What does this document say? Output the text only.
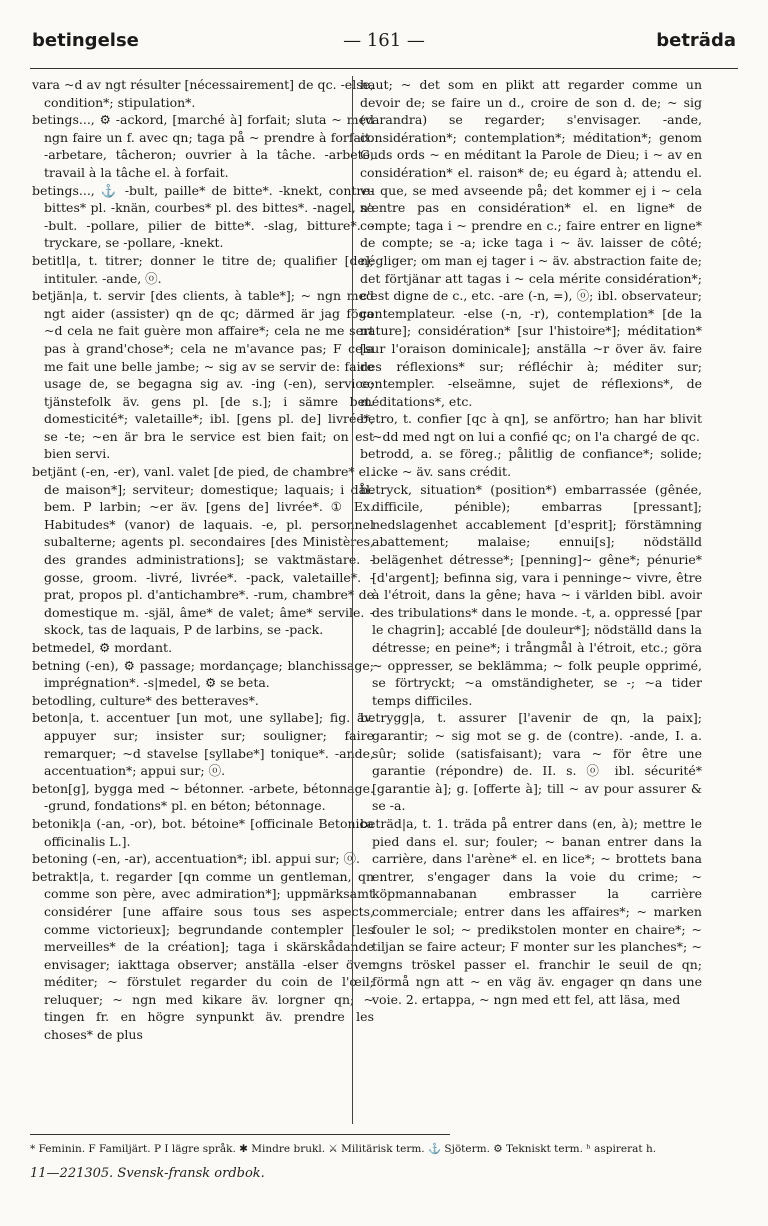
betingelse	— 161 —	beträda

vara ~d av ngt résulter [nécessairement] de qc. -else, condition*; stipulation*.

betings..., ⚙ -ackord, [marché à] forfait; sluta ~ med ngn faire un f. avec qn; taga på ~ prendre à forfait. -arbetare, tâcheron; ouvrier à la tâche. -arbete, travail à la tâche el. à forfait.

betings..., ⚓ -bult, paille* de bitte*. -knekt, contre-bittes* pl. -knän, courbes* pl. des bittes*. -nagel, se -bult. -pollare, pilier de bitte*. -slag, bitture*. -tryckare, se -pollare, -knekt.

betitl|a, t. titrer; donner le titre de; qualifier [de]; intituler. -ande, ⓞ.

betjän|a, t. servir [des clients, à table*]; ~ ngn med ngt aider (assister) qn de qc; därmed är jag föga ~d cela ne fait guère mon affaire*; cela ne me sert pas à grand'chose*; cela ne m'avance pas; F cela me fait une belle jambe; ~ sig av se servir de: faire usage de, se begagna sig av. -ing (-en), service; tjänstefolk äv. gens pl. [de s.]; i sämre bet. domesticité*; valetaille*; ibl. [gens pl. de] livrée*, se -te; ~en är bra le service est bien fait; on est bien servi.

betjänt (-en, -er), vanl. valet [de pied, de chambre* el. de maison*]; serviteur; domestique; laquais; i dål. bem. P larbin; ~er äv. [gens de] livrée*. ① Ex. Habitudes* (vanor) de laquais. -e, pl. personnel subalterne; agents pl. secondaires [des Ministères, des grandes administrations]; se vaktmästare. -gosse, groom. -livré, livrée*. -pack, valetaille*. -prat, propos pl. d'antichambre*. -rum, chambre* de domestique m. -själ, âme* de valet; âme* servile. -skock, tas de laquais, P de larbins, se -pack.

betmedel, ⚙ mordant.

betning (-en), ⚙ passage; mordançage; blanchissage; imprégnation*. -s|medel, ⚙ se beta.

betodling, culture* des betteraves*.

beton|a, t. accentuer [un mot, une syllabe]; fig. äv. appuyer sur; insister sur; souligner; faire remarquer; ~d stavelse [syllabe*] tonique*. -ande, accentuation*; appui sur; ⓞ.

beton[g], bygga med ~ bétonner. -arbete, bétonnage. -grund, fondations* pl. en béton; bétonnage.

betonik|a (-an, -or), bot. bétoine* [officinale Betonica officinalis L.].

betoning (-en, -ar), accentuation*; ibl. appui sur; ⓞ.

betrakt|a, t. regarder [qn comme un gentleman, qn comme son père, avec admiration*]; uppmärksamt considérer [une affaire sous tous ses aspects, comme victorieux]; begrundande contempler [les merveilles* de la création]; taga i skärskådande envisager; iakttaga observer; anställa -elser över méditer; ~ förstulet regarder du coin de l'œil; reluquer; ~ ngn med kikare äv. lorgner qn; ~ tingen fr. en högre synpunkt äv. prendre les choses* de plus

haut; ~ det som en plikt att regarder comme un devoir de; se faire un d., croire de son d. de; ~ sig (varandra) se regarder; s'envisager. -ande, considération*; contemplation*; méditation*; genom Guds ords ~ en méditant la Parole de Dieu; i ~ av en considération* el. raison* de; eu égard à; attendu el. vu que, se med avseende på; det kommer ej i ~ cela n'entre pas en considération* el. en ligne* de compte; taga i ~ prendre en c.; faire entrer en ligne* de compte; se -a; icke taga i ~ äv. laisser de côté; négliger; om man ej tager i ~ äv. abstraction faite de; det förtjänar att tagas i ~ cela mérite considération*; c'est digne de c., etc. -are (-n, =), ⓞ; ibl. observateur; contemplateur. -else (-n, -r), contemplation* [de la nature]; considération* [sur l'histoire*]; méditation* [sur l'oraison dominicale]; anställa ~r över äv. faire des réflexions* sur; réfléchir à; méditer sur; contempler. -elseämne, sujet de réflexions*, de méditations*, etc.

betro, t. confier [qc à qn], se anförtro; han har blivit ~dd med ngt on lui a confié qc; on l'a chargé de qc.

betrodd, a. se föreg.; pålitlig de confiance*; solide; icke ~ äv. sans crédit.

betryck, situation* (position*) embarrassée (gênée, difficile, pénible); embarras [pressant]; nedslagenhet accablement [d'esprit]; förstämning abattement; malaise; ennui[s]; nödställd belägenhet détresse*; [penning]~ gêne*; pénurie* [d'argent]; befinna sig, vara i penninge~ vivre, être à l'étroit, dans la gêne; hava ~ i världen bibl. avoir des tribulations* dans le monde. -t, a. oppressé [par le chagrin]; accablé [de douleur*]; nödställd dans la détresse; en peine*; i trångmål à l'étroit, etc.; göra ~ oppresser, se beklämma; ~ folk peuple opprimé, se förtryckt; ~a omständigheter, se -; ~a tider temps difficiles.

betrygg|a, t. assurer [l'avenir de qn, la paix]; garantir; ~ sig mot se g. de (contre). -ande, I. a. sûr; solide (satisfaisant); vara ~ för être une garantie (répondre) de. II. s. ⓞ ibl. sécurité* [garantie à]; g. [offerte à]; till ~ av pour assurer & se -a.

beträd|a, t. 1. träda på entrer dans (en, à); mettre le pied dans el. sur; fouler; ~ banan entrer dans la carrière, dans l'arène* el. en lice*; ~ brottets bana entrer, s'engager dans la voie du crime; ~ köpmannabanan embrasser la carrière commerciale; entrer dans les affaires*; ~ marken fouler le sol; ~ predikstolen monter en chaire*; ~ tiljan se faire acteur; F monter sur les planches*; ~ ngns tröskel passer el. franchir le seuil de qn; förmå ngn att ~ en väg äv. engager qn dans une voie. 2. ertappa, ~ ngn med ett fel, att läsa, med

* Feminin. F Familjärt. P I lägre språk. ✱ Mindre brukl. ⚔ Militärisk term. ⚓ Sjöterm. ⚙ Tekniskt term. ʰ aspirerat h.
11—221305. Svensk-fransk ordbok.
